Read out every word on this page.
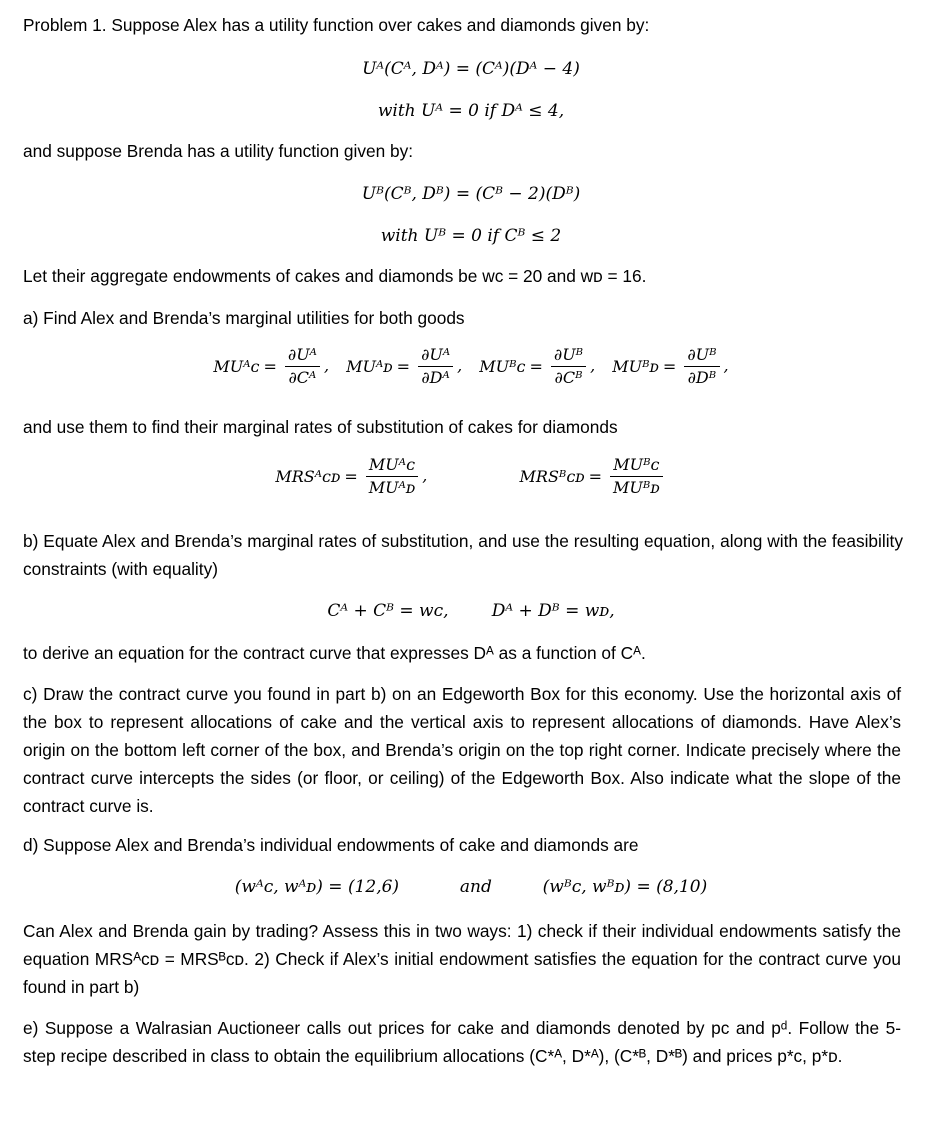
Problem 1. Suppose Alex has a utility function over cakes and diamonds given by:
Uᴬ(Cᴬ, Dᴬ) = (Cᴬ)(Dᴬ − 4)
with Uᴬ = 0 if Dᴬ ≤ 4,
and suppose Brenda has a utility function given by:
Uᴮ(Cᴮ, Dᴮ) = (Cᴮ − 2)(Dᴮ)
with Uᴮ = 0 if Cᴮ ≤ 2
Let their aggregate endowments of cakes and diamonds be wᴄ = 20 and wᴅ = 16.
a) Find Alex and Brenda’s marginal utilities for both goods
MUᴬᴄ = $\frac{\text{∂Uᴬ}}{\text{∂Cᴬ}}$ , MUᴬᴅ = $\frac{\text{∂Uᴬ}}{\text{∂Dᴬ}}$ , MUᴮᴄ = $\frac{\text{∂Uᴮ}}{\text{∂Cᴮ}}$ , MUᴮᴅ = $\frac{\text{∂Uᴮ}}{\text{∂Dᴮ}}$ ,
and use them to find their marginal rates of substitution of cakes for diamonds
MRSᴬᴄᴅ = $\frac{\text{MUᴬᴄ}}{\text{MUᴬᴅ}}$ ,	MRSᴮᴄᴅ = $\frac{\text{MUᴮᴄ}}{\text{MUᴮᴅ}}$
b) Equate Alex and Brenda’s marginal rates of substitution, and use the resulting equation, along with the feasibility constraints (with equality)
Cᴬ + Cᴮ = wᴄ,        Dᴬ + Dᴮ = wᴅ,
to derive an equation for the contract curve that expresses Dᴬ as a function of Cᴬ.
c) Draw the contract curve you found in part b) on an Edgeworth Box for this economy. Use the horizontal axis of the box to represent allocations of cake and the vertical axis to represent allocations of diamonds. Have Alex’s origin on the bottom left corner of the box, and Brenda’s origin on the top right corner. Indicate precisely where the contract curve intercepts the sides (or floor, or ceiling) of the Edgeworth Box. Also indicate what the slope of the contract curve is.
d) Suppose Alex and Brenda’s individual endowments of cake and diamonds are
(wᴬᴄ, wᴬᴅ) = (12,6)	and	(wᴮᴄ, wᴮᴅ) = (8,10)
Can Alex and Brenda gain by trading? Assess this in two ways: 1) check if their individual endowments satisfy the equation MRSᴬᴄᴅ = MRSᴮᴄᴅ. 2) Check if Alex’s initial endowment satisfies the equation for the contract curve you found in part b)
e) Suppose a Walrasian Auctioneer calls out prices for cake and diamonds denoted by pᴄ and pᵈ. Follow the 5-step recipe described in class to obtain the equilibrium allocations (C*ᴬ, D*ᴬ), (C*ᴮ, D*ᴮ) and prices p*ᴄ, p*ᴅ.
